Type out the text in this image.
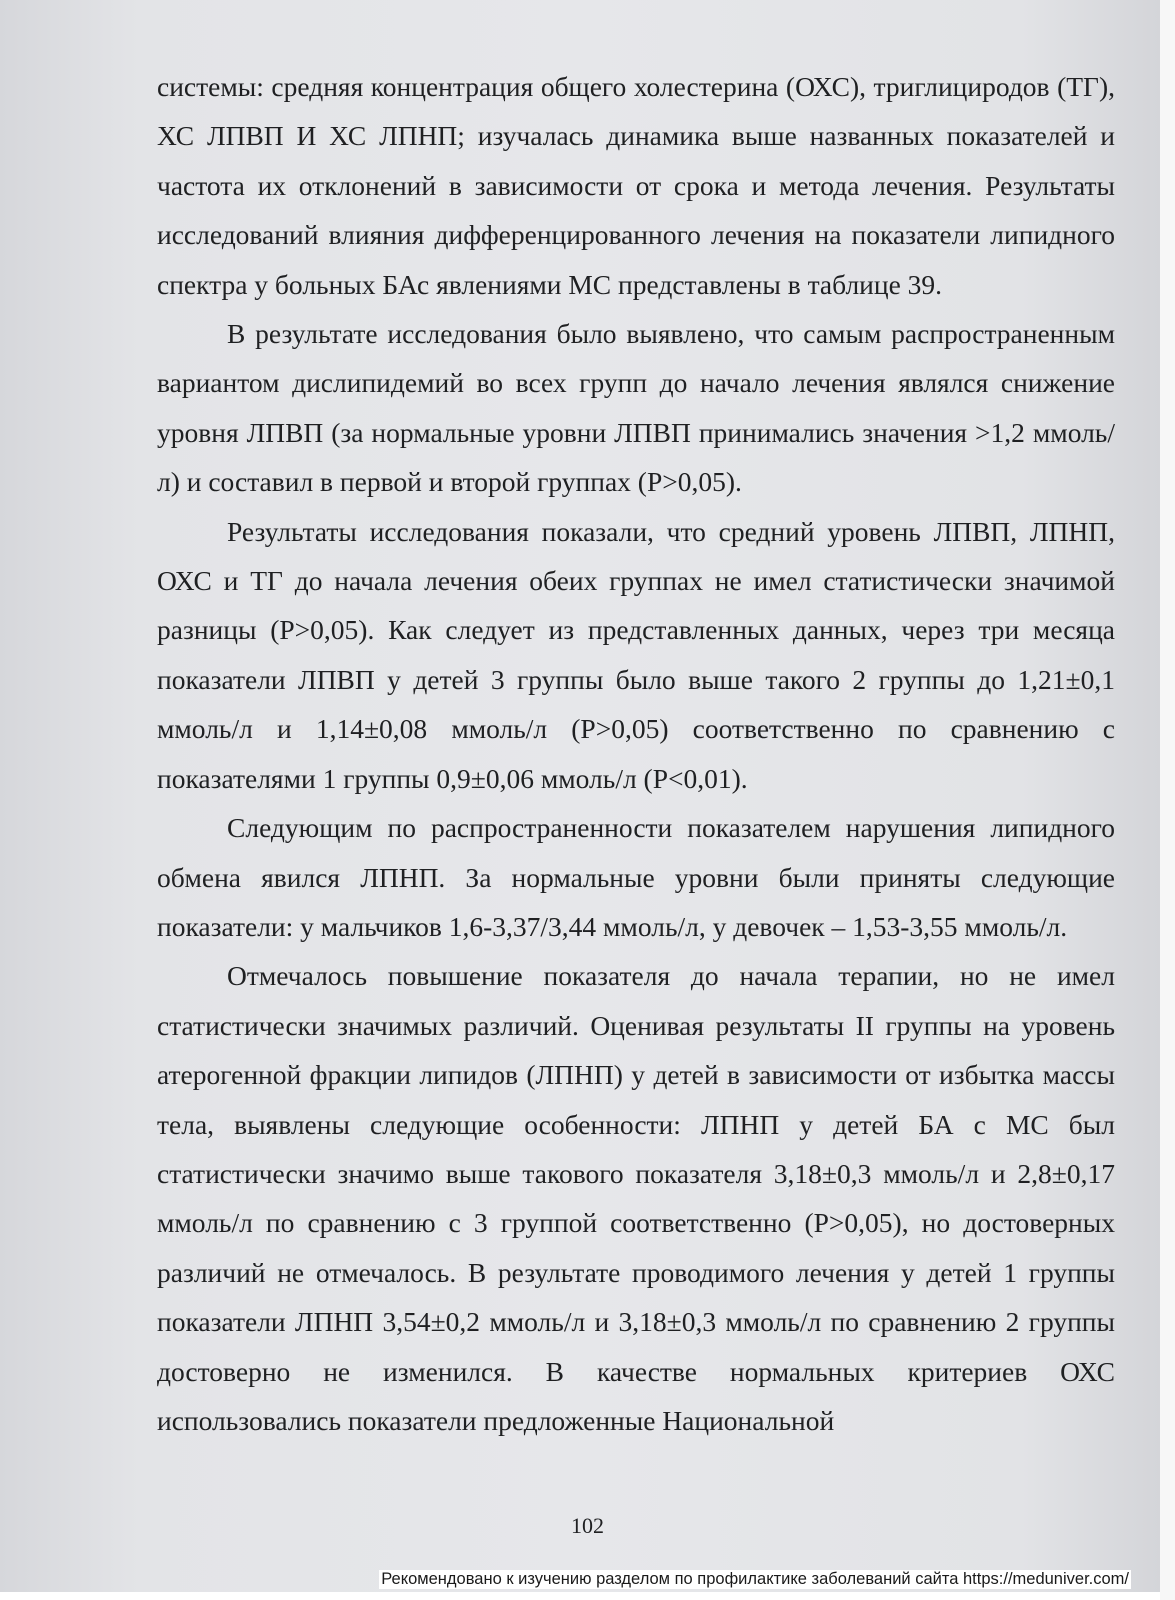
системы: средняя концентрация общего холестерина (ОХС), триглициродов (ТГ), ХС ЛПВП И ХС ЛПНП; изучалась динамика выше названных показателей и частота их отклонений в зависимости от срока и метода лечения. Результаты исследований влияния дифференцированного лечения на показатели липидного спектра у больных БАс явлениями МС представлены в таблице 39.

В результате исследования было выявлено, что самым распространенным вариантом дислипидемий во всех групп до начало лечения являлся снижение уровня ЛПВП (за нормальные уровни ЛПВП принимались значения >1,2 ммоль/л) и составил в первой и второй группах (Р>0,05).

Результаты исследования показали, что средний уровень ЛПВП, ЛПНП, ОХС и ТГ до начала лечения обеих группах не имел статистически значимой разницы (Р>0,05). Как следует из представленных данных, через три месяца показатели ЛПВП у детей 3 группы было выше такого 2 группы до 1,21±0,1 ммоль/л и 1,14±0,08 ммоль/л (Р>0,05) соответственно по сравнению с показателями 1 группы 0,9±0,06 ммоль/л (Р<0,01).

Следующим по распространенности показателем нарушения липидного обмена явился ЛПНП. За нормальные уровни были приняты следующие показатели: у мальчиков 1,6-3,37/3,44 ммоль/л, у девочек – 1,53-3,55 ммоль/л.

Отмечалось повышение показателя до начала терапии, но не имел статистически значимых различий. Оценивая результаты II группы на уровень атерогенной фракции липидов (ЛПНП) у детей в зависимости от избытка массы тела, выявлены следующие особенности: ЛПНП у детей БА с МС был статистически значимо выше такового показателя 3,18±0,3 ммоль/л и 2,8±0,17 ммоль/л по сравнению с 3 группой соответственно (Р>0,05), но достоверных различий не отмечалось. В результате проводимого лечения у детей 1 группы показатели ЛПНП 3,54±0,2 ммоль/л и 3,18±0,3 ммоль/л по сравнению 2 группы достоверно не изменился. В качестве нормальных критериев ОХС использовались показатели предложенные Национальной

102
Рекомендовано к изучению разделом по профилактике заболеваний сайта https://meduniver.com/
